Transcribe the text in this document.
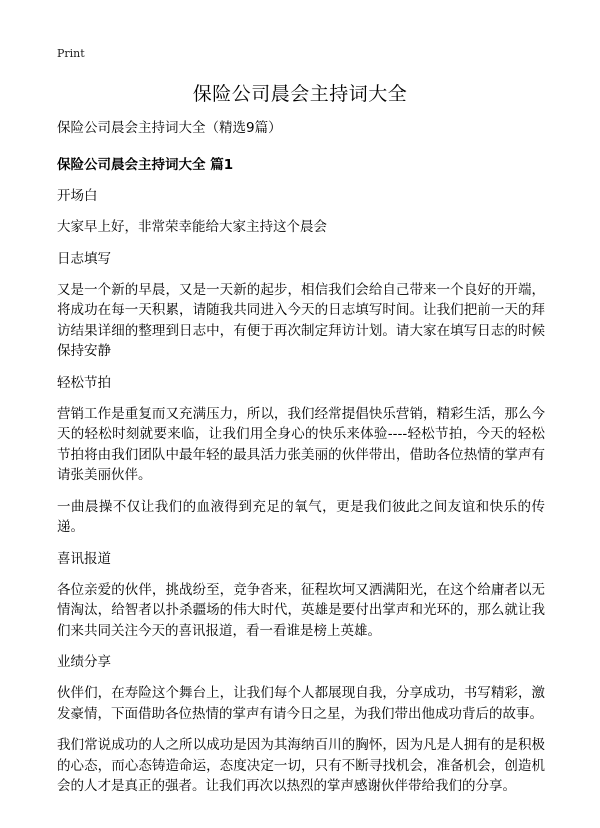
Print
保险公司晨会主持词大全

保险公司晨会主持词大全（精选9篇）

保险公司晨会主持词大全 篇1

开场白

大家早上好，非常荣幸能给大家主持这个晨会

日志填写

又是一个新的早晨，又是一天新的起步，相信我们会给自己带来一个良好的开端，将成功在每一天积累，请随我共同进入今天的日志填写时间。让我们把前一天的拜访结果详细的整理到日志中，有便于再次制定拜访计划。请大家在填写日志的时候保持安静

轻松节拍

营销工作是重复而又充满压力，所以，我们经常提倡快乐营销，精彩生活，那么今天的轻松时刻就要来临，让我们用全身心的快乐来体验----轻松节拍，今天的轻松节拍将由我们团队中最年轻的最具活力张美丽的伙伴带出，借助各位热情的掌声有请张美丽伙伴。

一曲晨操不仅让我们的血液得到充足的氧气，更是我们彼此之间友谊和快乐的传递。

喜讯报道

各位亲爱的伙伴，挑战纷至，竞争沓来，征程坎坷又洒满阳光，在这个给庸者以无情淘汰，给智者以扑杀疆场的伟大时代，英雄是要付出掌声和光环的，那么就让我们来共同关注今天的喜讯报道，看一看谁是榜上英雄。

业绩分享

伙伴们，在寿险这个舞台上，让我们每个人都展现自我，分享成功，书写精彩，激发豪情，下面借助各位热情的掌声有请今日之星，为我们带出他成功背后的故事。

我们常说成功的人之所以成功是因为其海纳百川的胸怀，因为凡是人拥有的是积极的心态，而心态铸造命运，态度决定一切，只有不断寻找机会，准备机会，创造机会的人才是真正的强者。让我们再次以热烈的掌声感谢伙伴带给我们的分享。
